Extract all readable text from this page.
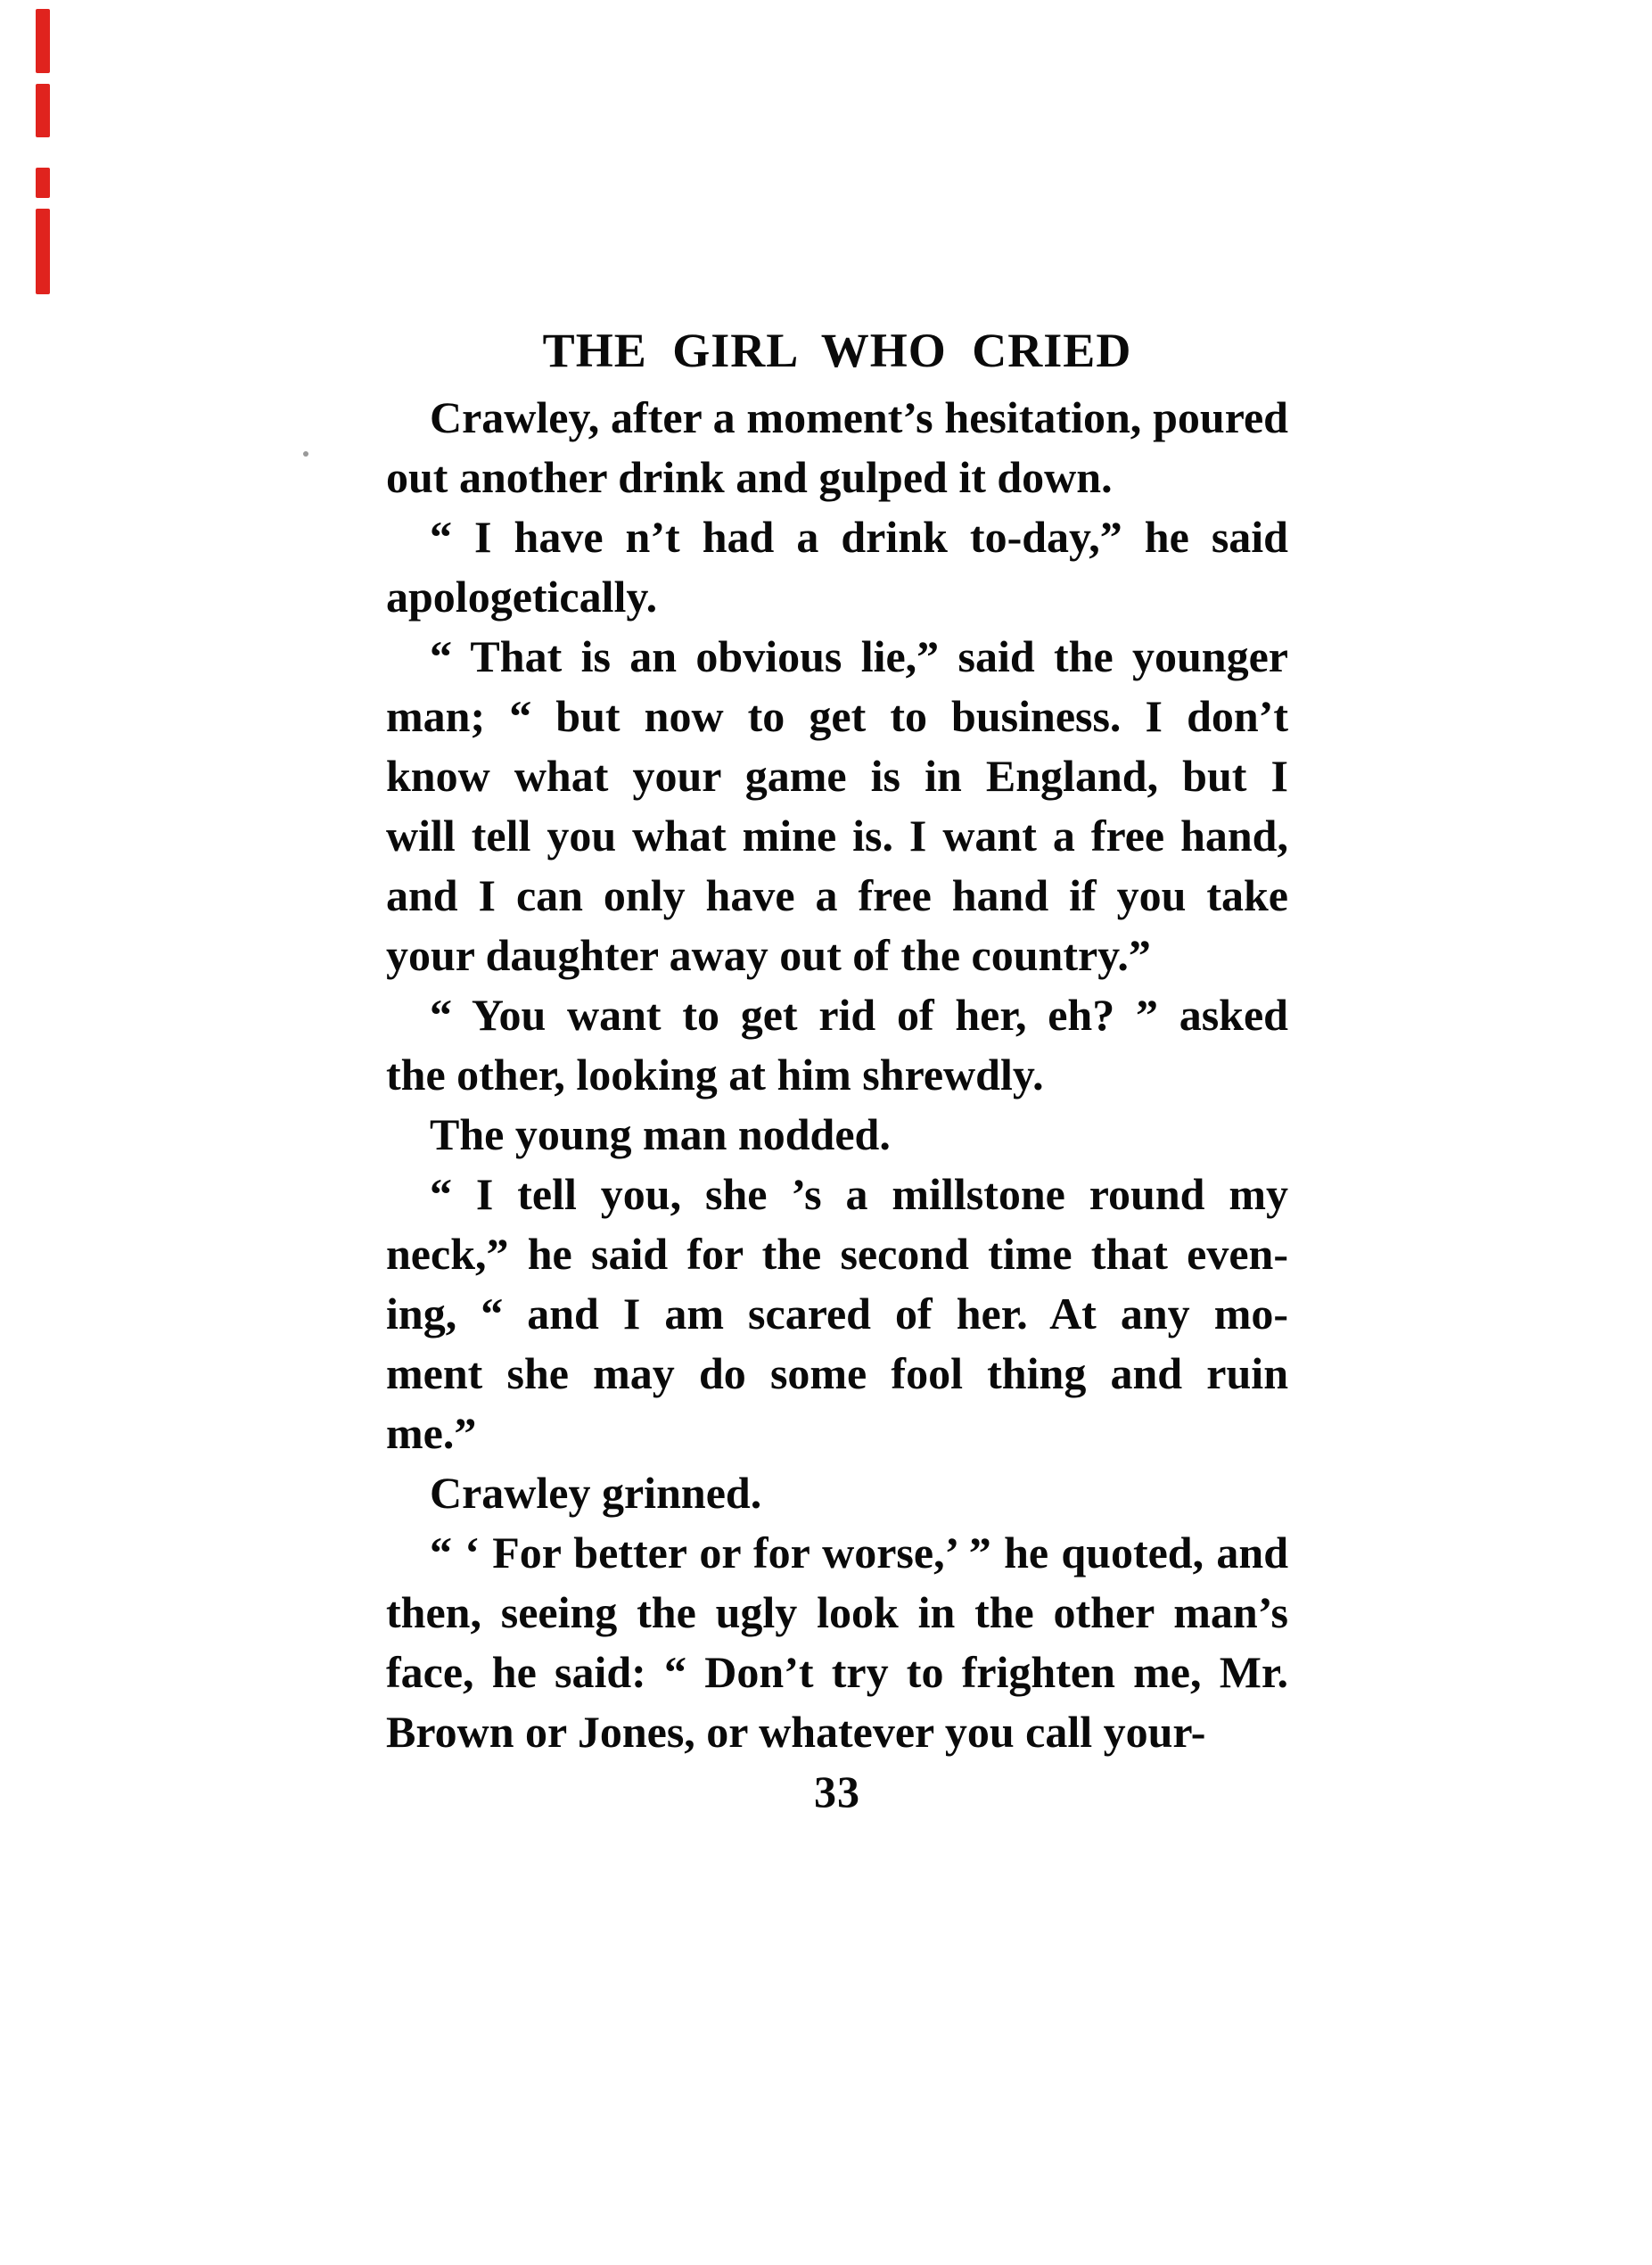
THE GIRL WHO CRIED
Crawley, after a moment’s hesitation, poured
out another drink and gulped it down.
“ I have n’t had a drink to-day,” he said
apologetically.
“ That is an obvious lie,” said the younger
man; “ but now to get to business. I don’t
know what your game is in England, but I
will tell you what mine is. I want a free hand,
and I can only have a free hand if you take
your daughter away out of the country.”
“ You want to get rid of her, eh? ” asked
the other, looking at him shrewdly.
The young man nodded.
“ I tell you, she ’s a millstone round my
neck,” he said for the second time that even-
ing, “ and I am scared of her. At any mo-
ment she may do some fool thing and ruin
me.”
Crawley grinned.
“ ‘ For better or for worse,’ ” he quoted, and
then, seeing the ugly look in the other man’s
face, he said: “ Don’t try to frighten me, Mr.
Brown or Jones, or whatever you call your-
33
